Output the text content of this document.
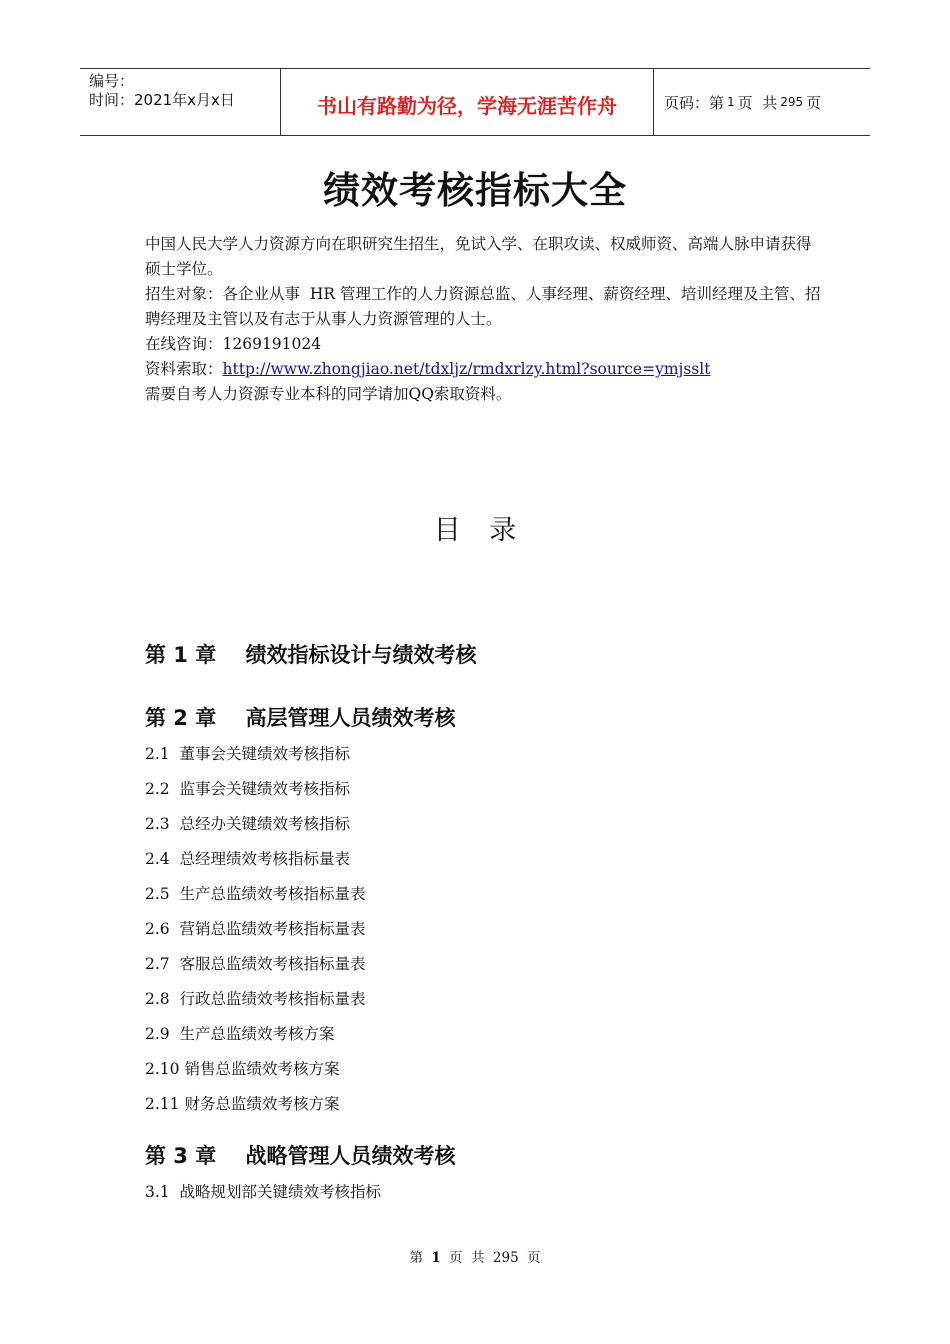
编号：
时间：2021年x月x日	书山有路勤为径，学海无涯苦作舟	页码：第 1 页  共 295 页
绩效考核指标大全

中国人民大学人力资源方向在职研究生招生，免试入学、在职攻读、权威师资、高端人脉申请获得硕士学位。

招生对象：各企业从事  HR 管理工作的人力资源总监、人事经理、薪资经理、培训经理及主管、招聘经理及主管以及有志于从事人力资源管理的人士。

在线咨询：1269191024

资料索取：http://www.zhongjiao.net/tdxljz/rmdxrlzy.html?source=ymjsslt

需要自考人力资源专业本科的同学请加QQ索取资料。

目 录
第 1 章    绩效指标设计与绩效考核
第 2 章    高层管理人员绩效考核
2.1  董事会关键绩效考核指标
2.2  监事会关键绩效考核指标
2.3  总经办关键绩效考核指标
2.4  总经理绩效考核指标量表
2.5  生产总监绩效考核指标量表
2.6  营销总监绩效考核指标量表
2.7  客服总监绩效考核指标量表
2.8  行政总监绩效考核指标量表
2.9  生产总监绩效考核方案
2.10 销售总监绩效考核方案
2.11 财务总监绩效考核方案
第 3 章    战略管理人员绩效考核
3.1  战略规划部关键绩效考核指标
第 1 页  共 295 页
